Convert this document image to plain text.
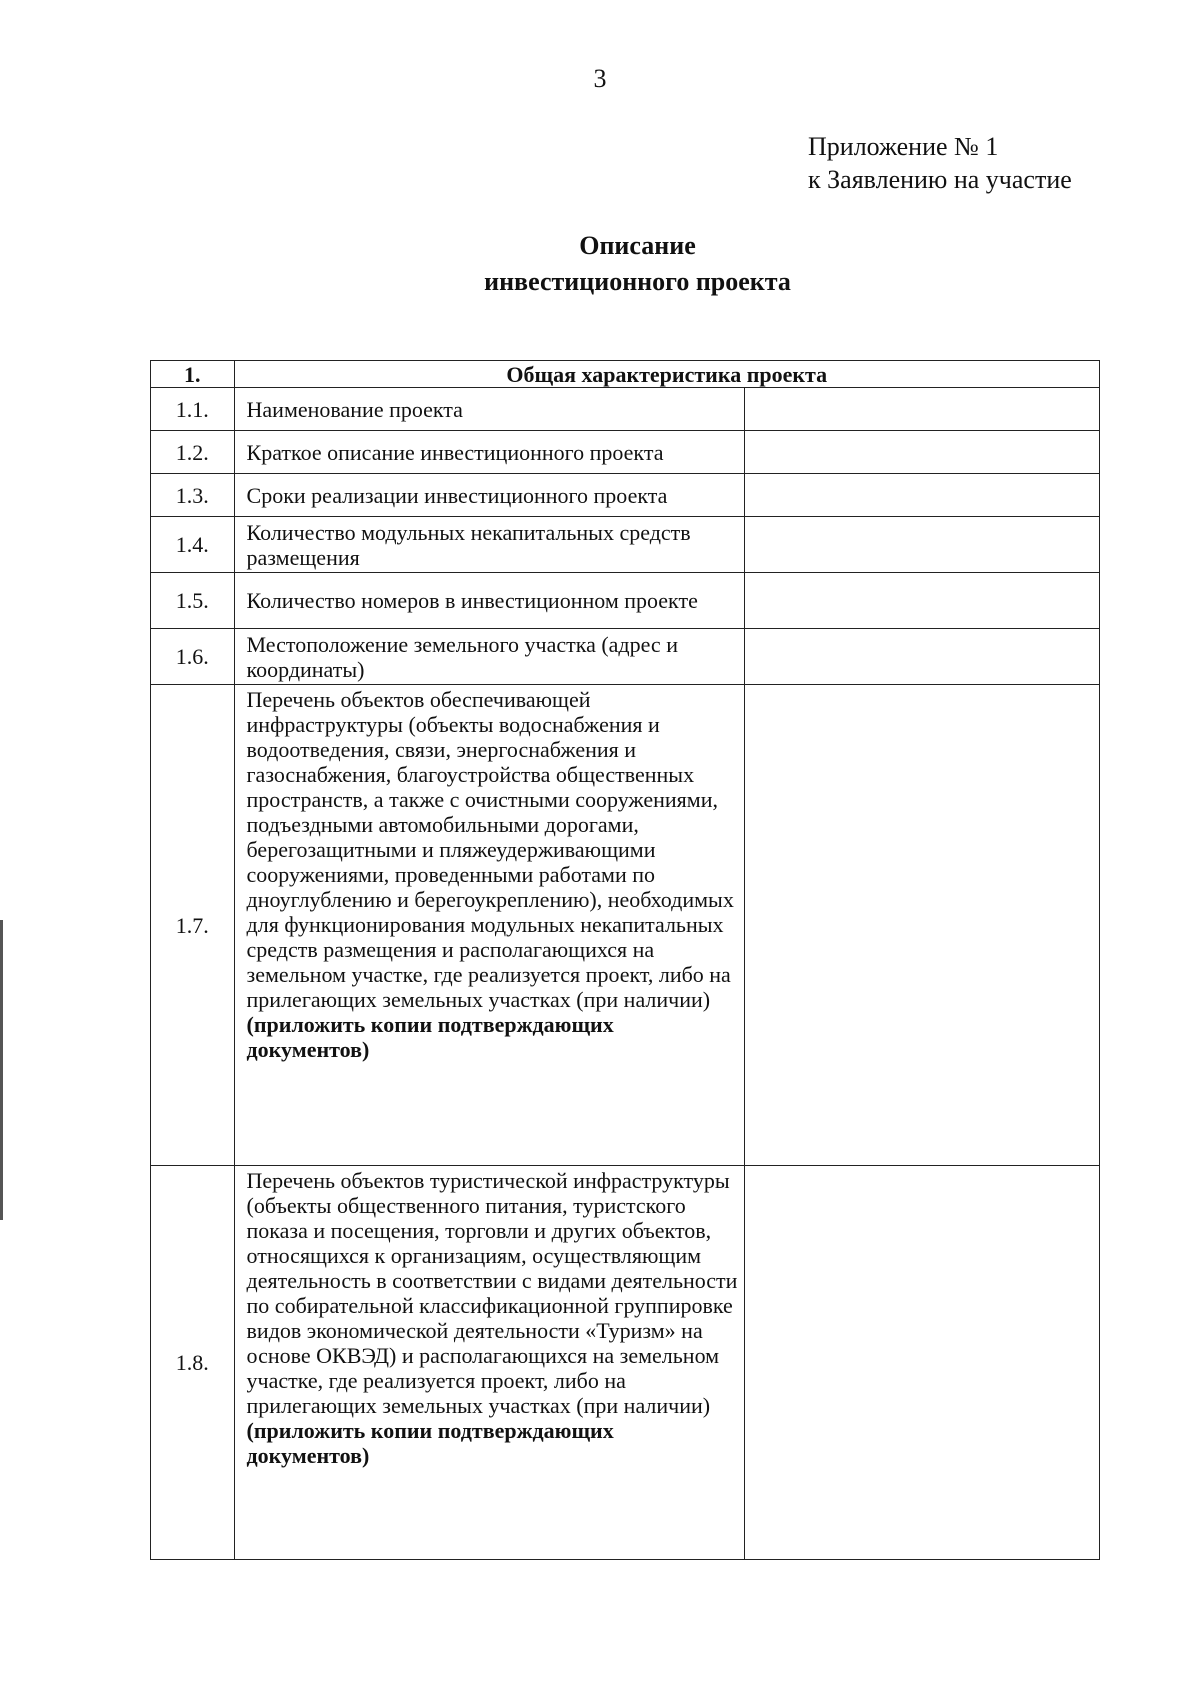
3
Приложение № 1
к Заявлению на участие
Описание
инвестиционного проекта
1.	Общая характеристика проекта	
1.1.	Наименование проекта	
1.2.	Краткое описание инвестиционного проекта	
1.3.	Сроки реализации инвестиционного проекта	
1.4.	Количество модульных некапитальных средств размещения	
1.5.	Количество номеров в инвестиционном проекте	
1.6.	Местоположение земельного участка (адрес и координаты)	
1.7.	Перечень объектов обеспечивающей инфраструктуры (объекты водоснабжения и водоотведения, связи, энергоснабжения и газоснабжения, благоустройства общественных пространств, а также с очистными сооружениями, подъездными автомобильными дорогами, берегозащитными и пляжеудерживающими сооружениями, проведенными работами по дноуглублению и берегоукреплению), необходимых для функционирования модульных некапитальных средств размещения и располагающихся на земельном участке, где реализуется проект, либо на прилегающих земельных участках (при наличии) (приложить копии подтверждающих документов)	
1.8.	Перечень объектов туристической инфраструктуры (объекты общественного питания, туристского показа и посещения, торговли и других объектов, относящихся к организациям, осуществляющим деятельность в соответствии с видами деятельности по собирательной классификационной группировке видов экономической деятельности «Туризм» на основе ОКВЭД) и располагающихся на земельном участке, где реализуется проект, либо на прилегающих земельных участках (при наличии) (приложить копии подтверждающих документов)	
